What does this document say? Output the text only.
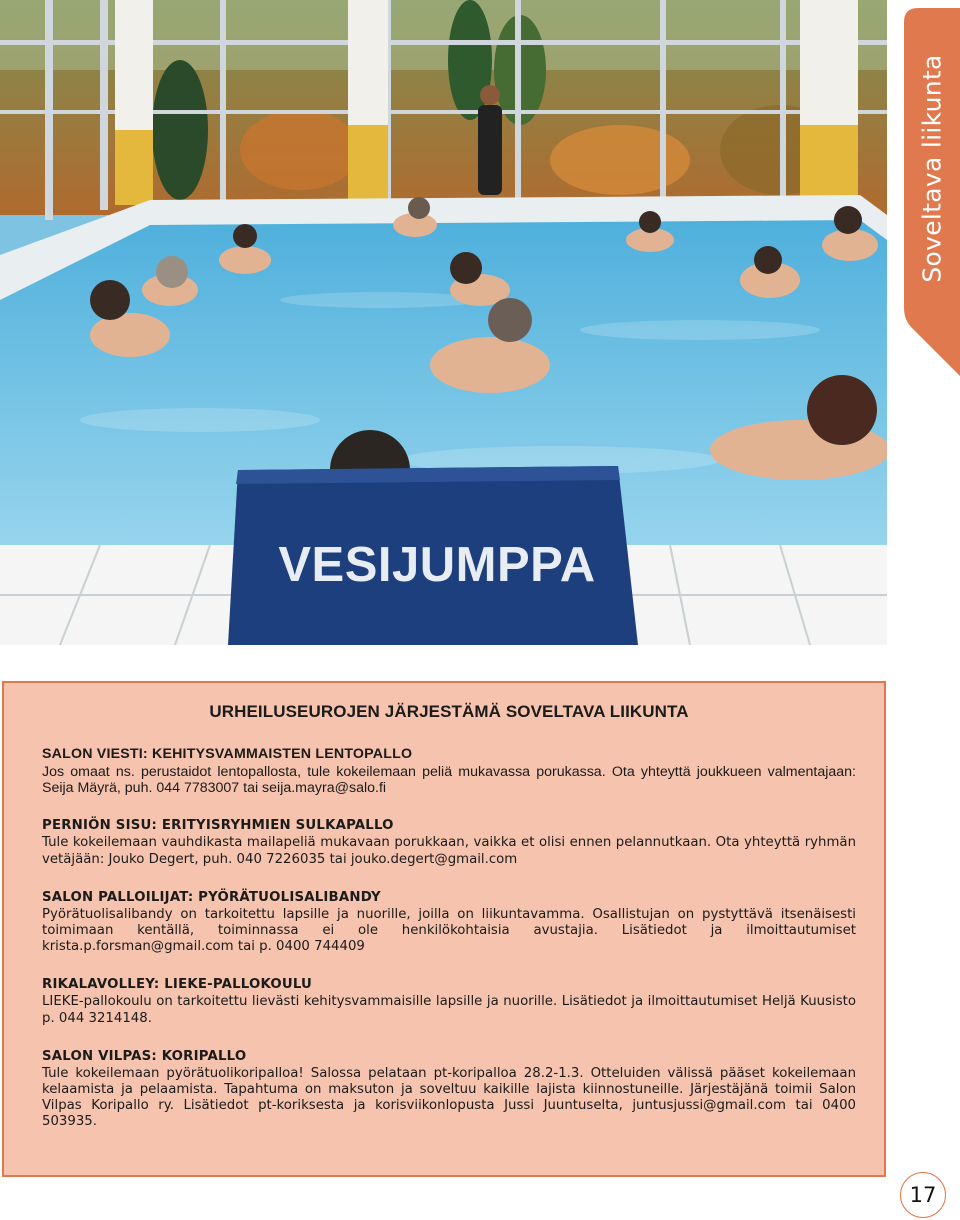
VESIJUMPPA
Soveltava liikunta
URHEILUSEUROJEN JÄRJESTÄMÄ SOVELTAVA LIIKUNTA
SALON VIESTI: KEHITYSVAMMAISTEN LENTOPALLO

Jos omaat ns. perustaidot lentopallosta, tule kokeilemaan peliä mukavassa porukassa. Ota yhteyttä joukkueen valmentajaan: Seija Mäyrä, puh. 044 7783007 tai seija.mayra@salo.fi

PERNIÖN SISU: ERITYISRYHMIEN SULKAPALLO

Tule kokeilemaan vauhdikasta mailapeliä mukavaan porukkaan, vaikka et olisi ennen pelannutkaan. Ota yhteyttä ryhmän vetäjään: Jouko Degert, puh. 040 7226035 tai jouko.degert@gmail.com

SALON PALLOILIJAT: PYÖRÄTUOLISALIBANDY

Pyörätuolisalibandy on tarkoitettu lapsille ja nuorille, joilla on liikuntavamma. Osallistujan on pystyttävä itsenäisesti toimimaan kentällä, toiminnassa ei ole henkilökohtaisia avustajia. Lisätiedot ja ilmoittautumiset krista.p.forsman@gmail.com tai p. 0400 744409

RIKALAVOLLEY: LIEKE-PALLOKOULU

LIEKE-pallokoulu on tarkoitettu lievästi kehitysvammaisille lapsille ja nuorille. Lisätiedot ja ilmoittautumiset Heljä Kuusisto p. 044 3214148.

SALON VILPAS: KORIPALLO

Tule kokeilemaan pyörätuolikoripalloa! Salossa pelataan pt-koripalloa 28.2-1.3. Otteluiden välissä pääset kokeilemaan kelaamista ja pelaamista. Tapahtuma on maksuton ja soveltuu kaikille lajista kiinnostuneille. Järjestäjänä toimii Salon Vilpas Koripallo ry. Lisätiedot pt-koriksesta ja korisviikonlopusta Jussi Juuntuselta, juntusjussi@gmail.com tai 0400 503935.

17
